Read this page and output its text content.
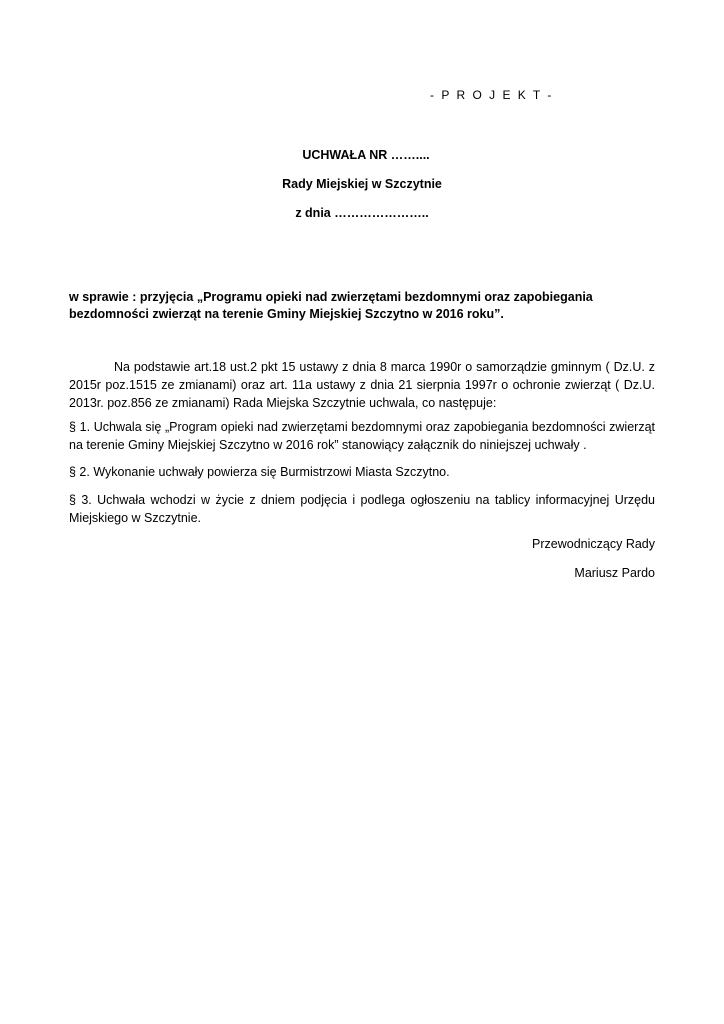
- P R O J E K T -
UCHWAŁA NR ……....
Rady Miejskiej w Szczytnie
z dnia …………………..
w sprawie : przyjęcia „Programu opieki nad zwierzętami bezdomnymi oraz zapobiegania
bezdomności zwierząt na terenie Gminy Miejskiej Szczytno w 2016 roku”.
Na podstawie art.18 ust.2 pkt 15 ustawy z dnia 8 marca 1990r o samorządzie gminnym ( Dz.U. z
2015r poz.1515 ze zmianami) oraz art. 11a ustawy z dnia 21 sierpnia 1997r o ochronie zwierząt ( Dz.U.
2013r. poz.856 ze zmianami) Rada Miejska Szczytnie uchwala, co następuje:
§ 1. Uchwala się „Program opieki nad zwierzętami bezdomnymi oraz zapobiegania bezdomności zwierząt
na terenie Gminy Miejskiej Szczytno w 2016 rok” stanowiący załącznik do niniejszej uchwały .
§ 2. Wykonanie uchwały powierza się Burmistrzowi Miasta Szczytno.
§ 3. Uchwała wchodzi w życie z dniem podjęcia i podlega ogłoszeniu na tablicy informacyjnej Urzędu
Miejskiego w Szczytnie.
Przewodniczący Rady
Mariusz Pardo
